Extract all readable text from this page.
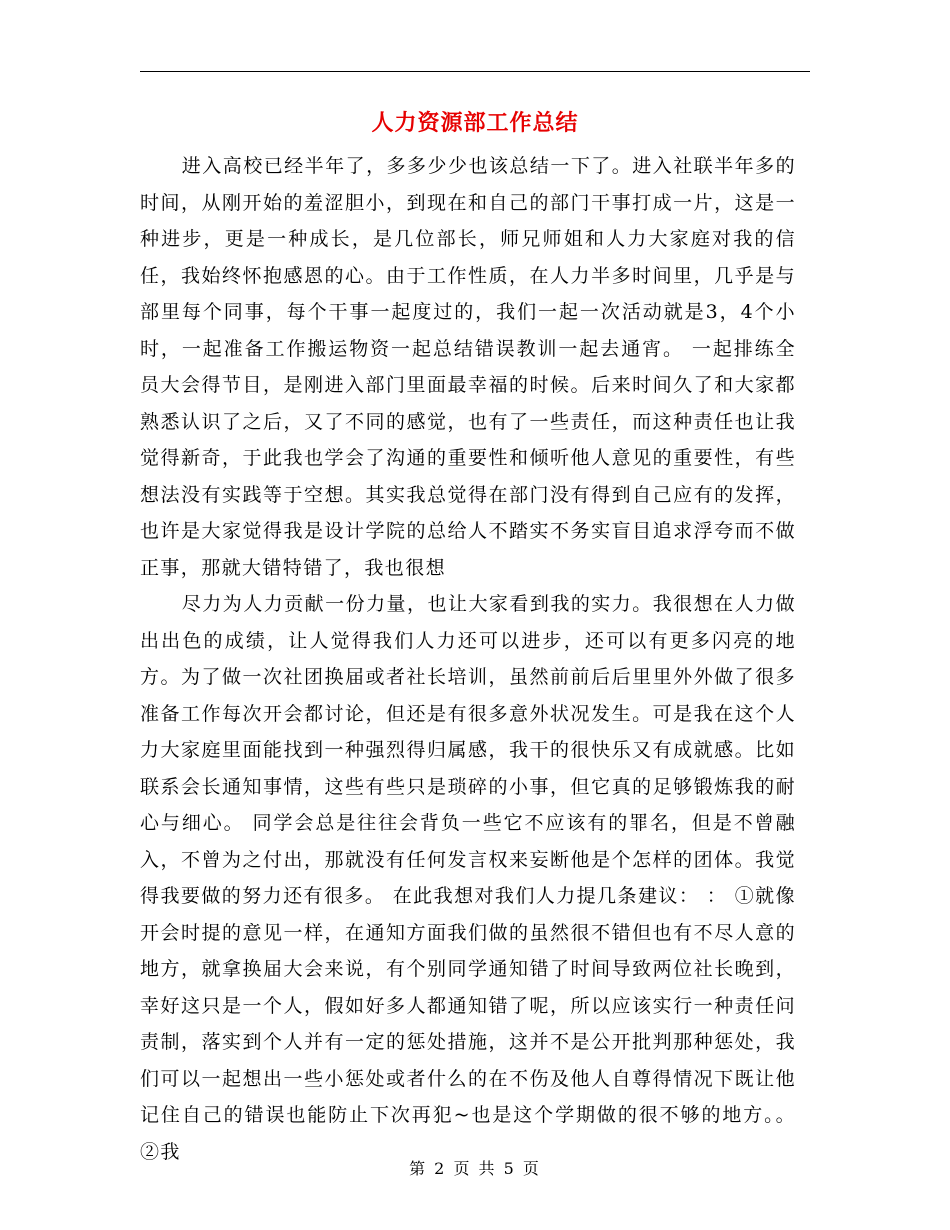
人力资源部工作总结

进入高校已经半年了，多多少少也该总结一下了。进入社联半年多的时间，从刚开始的羞涩胆小，到现在和自己的部门干事打成一片，这是一种进步，更是一种成长，是几位部长，师兄师姐和人力大家庭对我的信任，我始终怀抱感恩的心。由于工作性质，在人力半多时间里，几乎是与部里每个同事，每个干事一起度过的，我们一起一次活动就是3，4个小时，一起准备工作搬运物资一起总结错误教训一起去通宵。 一起排练全员大会得节目，是刚进入部门里面最幸福的时候。后来时间久了和大家都熟悉认识了之后，又了不同的感觉，也有了一些责任，而这种责任也让我觉得新奇，于此我也学会了沟通的重要性和倾听他人意见的重要性，有些想法没有实践等于空想。其实我总觉得在部门没有得到自己应有的发挥，也许是大家觉得我是设计学院的总给人不踏实不务实盲目追求浮夸而不做正事，那就大错特错了，我也很想

尽力为人力贡献一份力量，也让大家看到我的实力。我很想在人力做出出色的成绩，让人觉得我们人力还可以进步，还可以有更多闪亮的地方。为了做一次社团换届或者社长培训，虽然前前后后里里外外做了很多准备工作每次开会都讨论，但还是有很多意外状况发生。可是我在这个人力大家庭里面能找到一种强烈得归属感，我干的很快乐又有成就感。比如联系会长通知事情，这些有些只是琐碎的小事，但它真的足够锻炼我的耐心与细心。 同学会总是往往会背负一些它不应该有的罪名，但是不曾融入，不曾为之付出，那就没有任何发言权来妄断他是个怎样的团体。我觉得我要做的努力还有很多。 在此我想对我们人力提几条建议： ： ①就像开会时提的意见一样，在通知方面我们做的虽然很不错但也有不尽人意的地方，就拿换届大会来说，有个别同学通知错了时间导致两位社长晚到，幸好这只是一个人，假如好多人都通知错了呢，所以应该实行一种责任问责制，落实到个人并有一定的惩处措施，这并不是公开批判那种惩处，我们可以一起想出一些小惩处或者什么的在不伤及他人自尊得情况下既让他记住自己的错误也能防止下次再犯~也是这个学期做的很不够的地方。。 ②我

第 2 页 共 5 页
